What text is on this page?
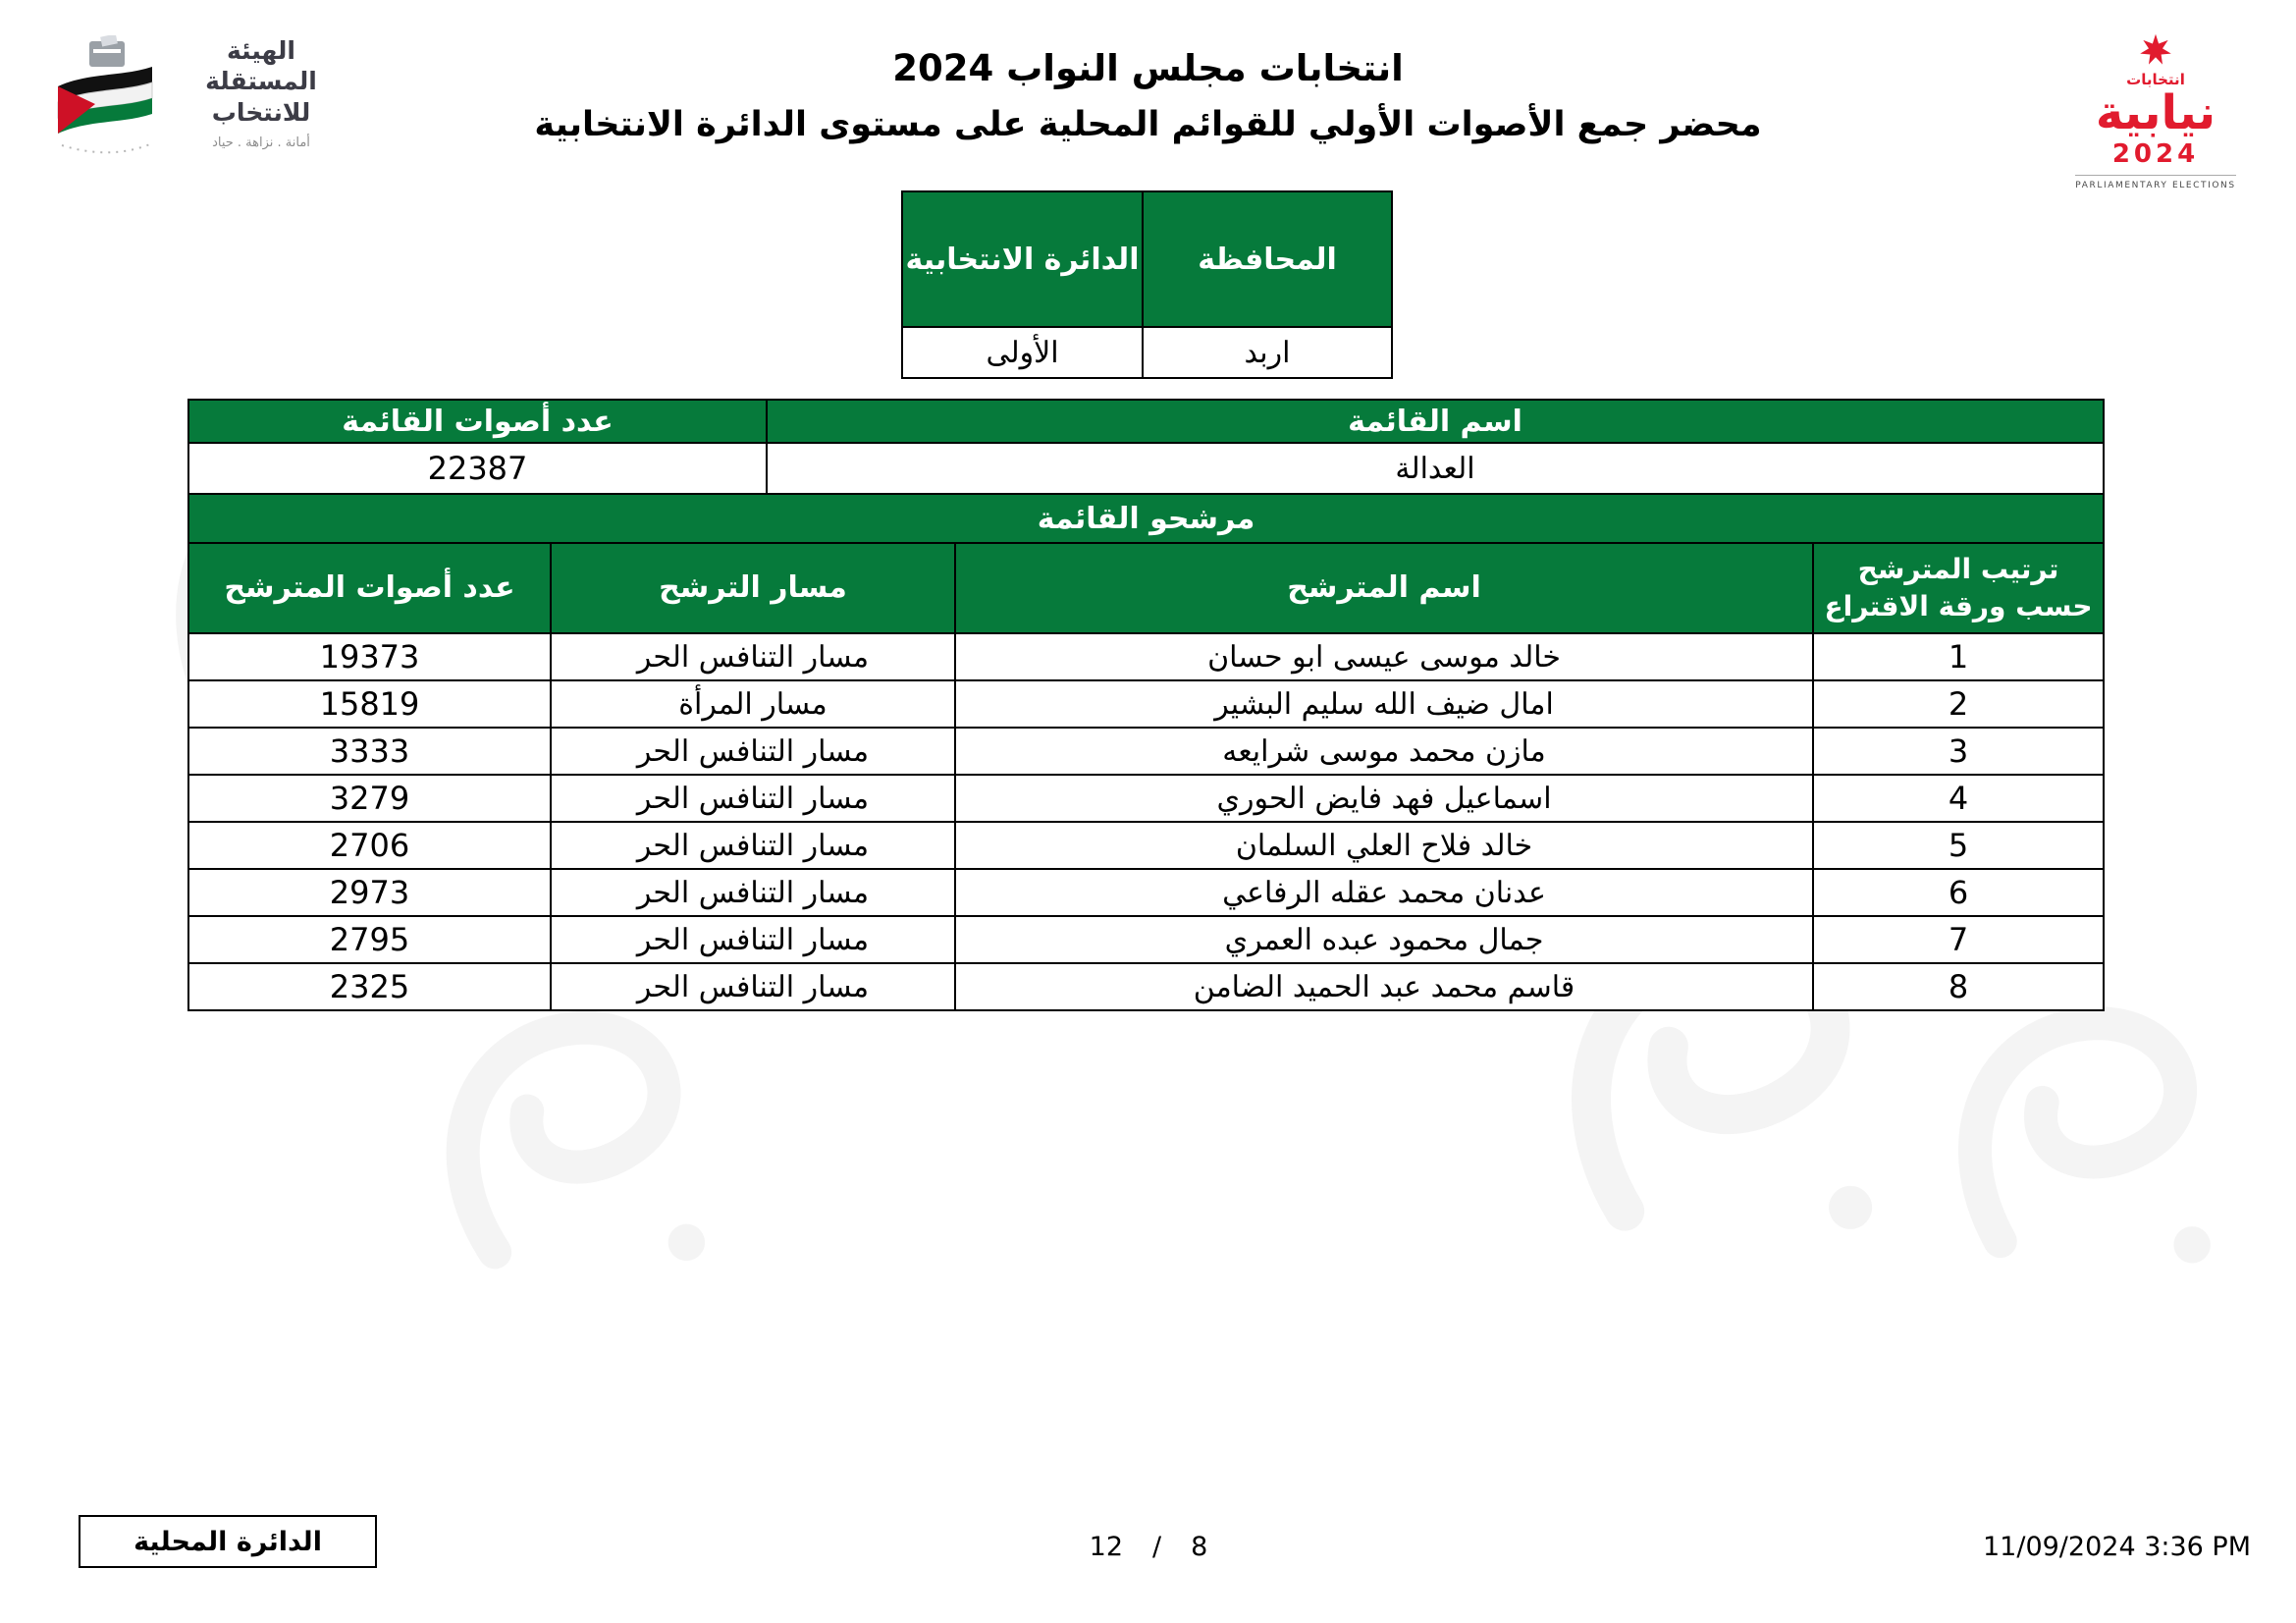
الهيئة المستقلة
للانتخاب
أمانة . نزاهة . حياد
انتخابات
نيابية
2024
PARLIAMENTARY ELECTIONS
انتخابات مجلس النواب 2024
محضر جمع الأصوات الأولي للقوائم المحلية على مستوى الدائرة الانتخابية
المحافظة
الدائرة الانتخابية
اربد
الأولى
اسم القائمة
عدد أصوات القائمة
العدالة
22387
مرشحو القائمة
ترتيب المترشح حسب ورقة الاقتراع
اسم المترشح
مسار الترشح
عدد أصوات المترشح
1
خالد موسى عيسى ابو حسان
مسار التنافس الحر
19373
2
امال ضيف الله سليم البشير
مسار المرأة
15819
3
مازن محمد موسى شرايعه
مسار التنافس الحر
3333
4
اسماعيل فهد فايض الحوري
مسار التنافس الحر
3279
5
خالد فلاح العلي السلمان
مسار التنافس الحر
2706
6
عدنان محمد عقله الرفاعي
مسار التنافس الحر
2973
7
جمال محمود عبده العمري
مسار التنافس الحر
2795
8
قاسم محمد عبد الحميد الضامن
مسار التنافس الحر
2325
الدائرة المحلية	12 / 8	11/09/2024 3:36 PM
